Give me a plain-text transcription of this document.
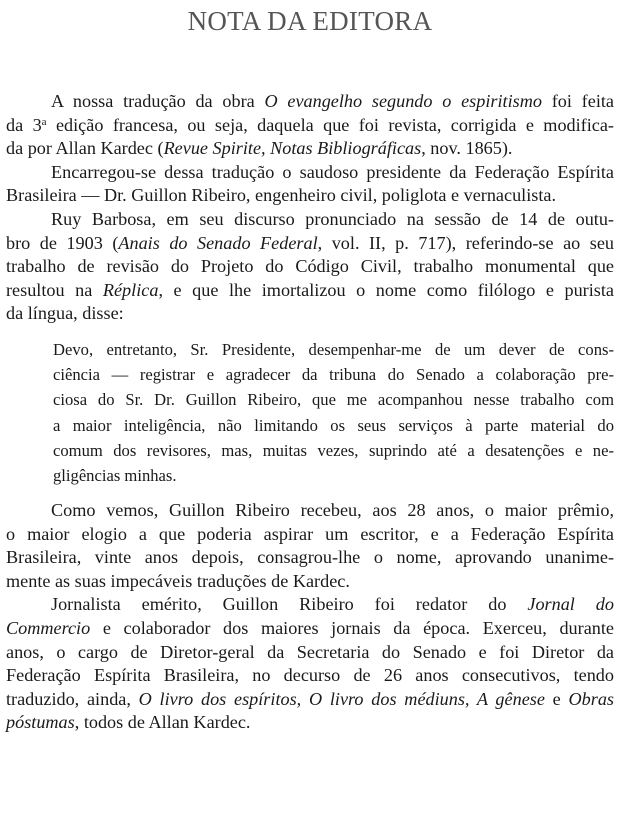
NOTA DA EDITORA
A nossa tradução da obra O evangelho segundo o espiritismo foi feita
da 3$^a$ edição francesa, ou seja, daquela que foi revista, corrigida e modifica-
da por Allan Kardec (Revue Spirite, Notas Bibliográficas, nov. 1865).
Encarregou-se dessa tradução o saudoso presidente da Federação Espírita
Brasileira — Dr. Guillon Ribeiro, engenheiro civil, poliglota e vernaculista.
Ruy Barbosa, em seu discurso pronunciado na sessão de 14 de outu-
bro de 1903 (Anais do Senado Federal, vol. II, p. 717), referindo-se ao seu
trabalho de revisão do Projeto do Código Civil, trabalho monumental que
resultou na Réplica, e que lhe imortalizou o nome como filólogo e purista
da língua, disse:
Devo, entretanto, Sr. Presidente, desempenhar-me de um dever de cons-
ciência — registrar e agradecer da tribuna do Senado a colaboração pre-
ciosa do Sr. Dr. Guillon Ribeiro, que me acompanhou nesse trabalho com
a maior inteligência, não limitando os seus serviços à parte material do
comum dos revisores, mas, muitas vezes, suprindo até a desatenções e ne-
gligências minhas.
Como vemos, Guillon Ribeiro recebeu, aos 28 anos, o maior prêmio,
o maior elogio a que poderia aspirar um escritor, e a Federação Espírita
Brasileira, vinte anos depois, consagrou-lhe o nome, aprovando unanime-
mente as suas impecáveis traduções de Kardec.
Jornalista emérito, Guillon Ribeiro foi redator do Jornal do
Commercio e colaborador dos maiores jornais da época. Exerceu, durante
anos, o cargo de Diretor-geral da Secretaria do Senado e foi Diretor da
Federação Espírita Brasileira, no decurso de 26 anos consecutivos, tendo
traduzido, ainda, O livro dos espíritos, O livro dos médiuns, A gênese e Obras
póstumas, todos de Allan Kardec.
